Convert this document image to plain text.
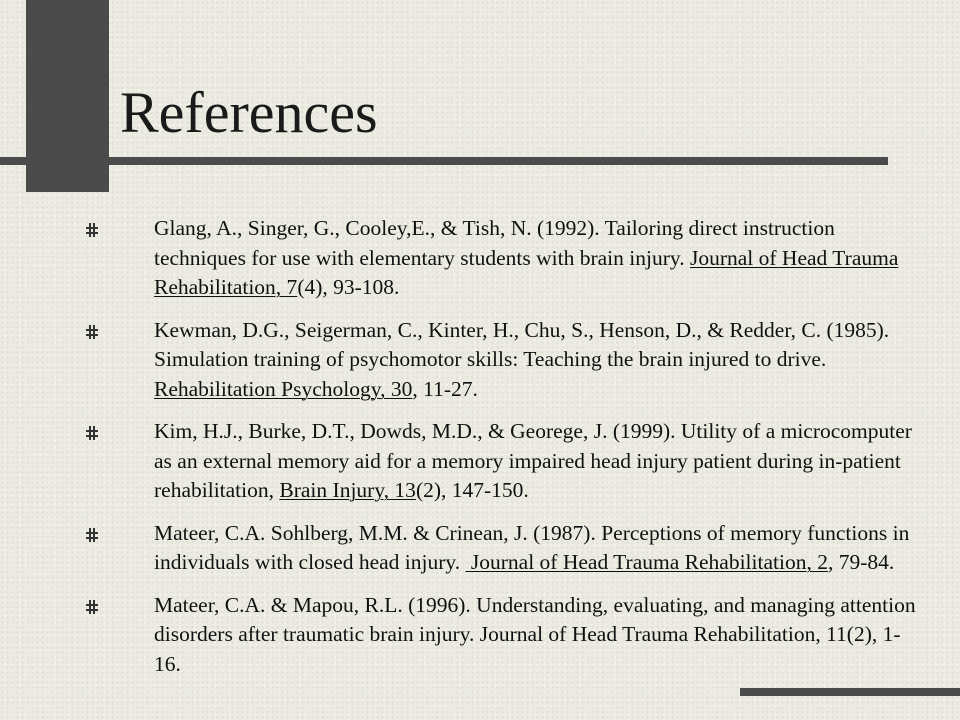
References
Glang, A., Singer, G., Cooley,E., & Tish, N. (1992). Tailoring direct instruction techniques for use with elementary students with brain injury. Journal of Head Trauma Rehabilitation, 7(4), 93-108.
Kewman, D.G., Seigerman, C., Kinter, H., Chu, S., Henson, D., & Redder, C. (1985). Simulation training of psychomotor skills: Teaching the brain injured to drive. Rehabilitation Psychology, 30, 11-27.
Kim, H.J., Burke, D.T., Dowds, M.D., & Georege, J. (1999). Utility of a microcomputer as an external memory aid for a memory impaired head injury patient during in-patient rehabilitation, Brain Injury, 13(2), 147-150.
Mateer, C.A. Sohlberg, M.M. & Crinean, J. (1987). Perceptions of memory functions in individuals with closed head injury.  Journal of Head Trauma Rehabilitation, 2, 79-84.
Mateer, C.A. & Mapou, R.L. (1996). Understanding, evaluating, and managing attention disorders after traumatic brain injury. Journal of Head Trauma Rehabilitation, 11(2), 1-16.
